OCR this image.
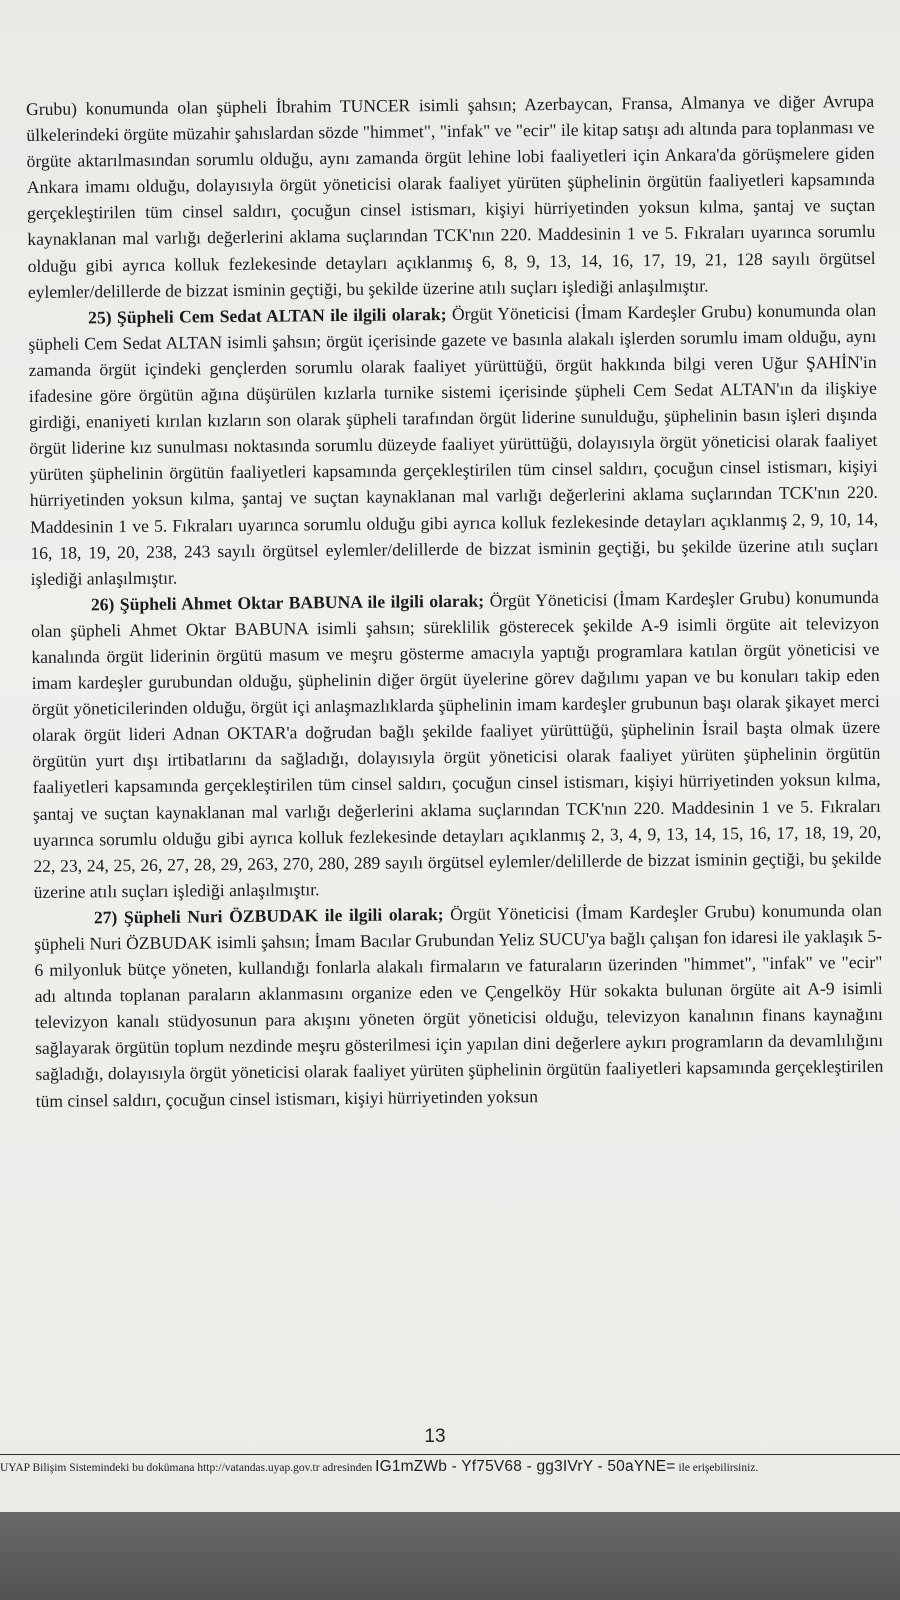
Grubu) konumunda olan şüpheli İbrahim TUNCER isimli şahsın; Azerbaycan, Fransa, Almanya ve diğer Avrupa ülkelerindeki örgüte müzahir şahıslardan sözde "himmet", "infak" ve "ecir" ile kitap satışı adı altında para toplanması ve örgüte aktarılmasından sorumlu olduğu, aynı zamanda örgüt lehine lobi faaliyetleri için Ankara'da görüşmelere giden Ankara imamı olduğu, dolayısıyla örgüt yöneticisi olarak faaliyet yürüten şüphelinin örgütün faaliyetleri kapsamında gerçekleştirilen tüm cinsel saldırı, çocuğun cinsel istismarı, kişiyi hürriyetinden yoksun kılma, şantaj ve suçtan kaynaklanan mal varlığı değerlerini aklama suçlarından TCK'nın 220. Maddesinin 1 ve 5. Fıkraları uyarınca sorumlu olduğu gibi ayrıca kolluk fezlekesinde detayları açıklanmış 6, 8, 9, 13, 14, 16, 17, 19, 21, 128 sayılı örgütsel eylemler/delillerde de bizzat isminin geçtiği, bu şekilde üzerine atılı suçları işlediği anlaşılmıştır.

25) Şüpheli Cem Sedat ALTAN ile ilgili olarak; Örgüt Yöneticisi (İmam Kardeşler Grubu) konumunda olan şüpheli Cem Sedat ALTAN isimli şahsın; örgüt içerisinde gazete ve basınla alakalı işlerden sorumlu imam olduğu, aynı zamanda örgüt içindeki gençlerden sorumlu olarak faaliyet yürüttüğü, örgüt hakkında bilgi veren Uğur ŞAHİN'in ifadesine göre örgütün ağına düşürülen kızlarla turnike sistemi içerisinde şüpheli Cem Sedat ALTAN'ın da ilişkiye girdiği, enaniyeti kırılan kızların son olarak şüpheli tarafından örgüt liderine sunulduğu, şüphelinin basın işleri dışında örgüt liderine kız sunulması noktasında sorumlu düzeyde faaliyet yürüttüğü, dolayısıyla örgüt yöneticisi olarak faaliyet yürüten şüphelinin örgütün faaliyetleri kapsamında gerçekleştirilen tüm cinsel saldırı, çocuğun cinsel istismarı, kişiyi hürriyetinden yoksun kılma, şantaj ve suçtan kaynaklanan mal varlığı değerlerini aklama suçlarından TCK'nın 220. Maddesinin 1 ve 5. Fıkraları uyarınca sorumlu olduğu gibi ayrıca kolluk fezlekesinde detayları açıklanmış 2, 9, 10, 14, 16, 18, 19, 20, 238, 243 sayılı örgütsel eylemler/delillerde de bizzat isminin geçtiği, bu şekilde üzerine atılı suçları işlediği anlaşılmıştır.

26) Şüpheli Ahmet Oktar BABUNA ile ilgili olarak; Örgüt Yöneticisi (İmam Kardeşler Grubu) konumunda olan şüpheli Ahmet Oktar BABUNA isimli şahsın; süreklilik gösterecek şekilde A-9 isimli örgüte ait televizyon kanalında örgüt liderinin örgütü masum ve meşru gösterme amacıyla yaptığı programlara katılan örgüt yöneticisi ve imam kardeşler gurubundan olduğu, şüphelinin diğer örgüt üyelerine görev dağılımı yapan ve bu konuları takip eden örgüt yöneticilerinden olduğu, örgüt içi anlaşmazlıklarda şüphelinin imam kardeşler grubunun başı olarak şikayet merci olarak örgüt lideri Adnan OKTAR'a doğrudan bağlı şekilde faaliyet yürüttüğü, şüphelinin İsrail başta olmak üzere örgütün yurt dışı irtibatlarını da sağladığı, dolayısıyla örgüt yöneticisi olarak faaliyet yürüten şüphelinin örgütün faaliyetleri kapsamında gerçekleştirilen tüm cinsel saldırı, çocuğun cinsel istismarı, kişiyi hürriyetinden yoksun kılma, şantaj ve suçtan kaynaklanan mal varlığı değerlerini aklama suçlarından TCK'nın 220. Maddesinin 1 ve 5. Fıkraları uyarınca sorumlu olduğu gibi ayrıca kolluk fezlekesinde detayları açıklanmış 2, 3, 4, 9, 13, 14, 15, 16, 17, 18, 19, 20, 22, 23, 24, 25, 26, 27, 28, 29, 263, 270, 280, 289 sayılı örgütsel eylemler/delillerde de bizzat isminin geçtiği, bu şekilde üzerine atılı suçları işlediği anlaşılmıştır.

27) Şüpheli Nuri ÖZBUDAK ile ilgili olarak; Örgüt Yöneticisi (İmam Kardeşler Grubu) konumunda olan şüpheli Nuri ÖZBUDAK isimli şahsın; İmam Bacılar Grubundan Yeliz SUCU'ya bağlı çalışan fon idaresi ile yaklaşık 5-6 milyonluk bütçe yöneten, kullandığı fonlarla alakalı firmaların ve faturaların üzerinden "himmet", "infak" ve "ecir" adı altında toplanan paraların aklanmasını organize eden ve Çengelköy Hür sokakta bulunan örgüte ait A-9 isimli televizyon kanalı stüdyosunun para akışını yöneten örgüt yöneticisi olduğu, televizyon kanalının finans kaynağını sağlayarak örgütün toplum nezdinde meşru gösterilmesi için yapılan dini değerlere aykırı programların da devamlılığını sağladığı, dolayısıyla örgüt yöneticisi olarak faaliyet yürüten şüphelinin örgütün faaliyetleri kapsamında gerçekleştirilen tüm cinsel saldırı, çocuğun cinsel istismarı, kişiyi hürriyetinden yoksun

13
UYAP Bilişim Sistemindeki bu dokümana http://vatandas.uyap.gov.tr adresinden IG1mZWb - Yf75V68 - gg3IVrY - 50aYNE= ile erişebilirsiniz.
